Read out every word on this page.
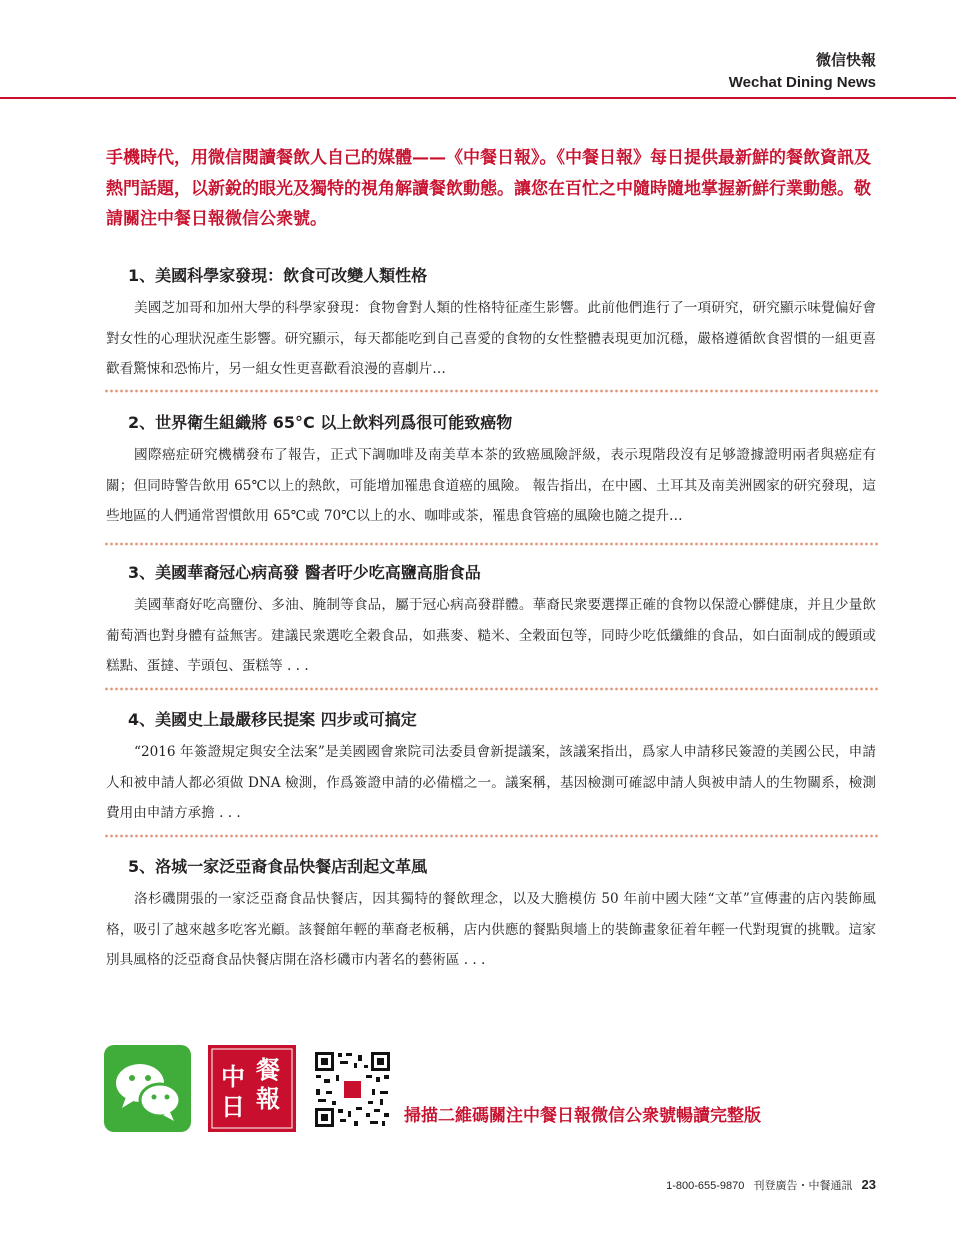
微信快報
Wechat Dining News
手機時代，用微信閱讀餐飲人自己的媒體——《中餐日報》。《中餐日報》每日提供最新鮮的餐飲資訊及熱門話題，以新銳的眼光及獨特的視角解讀餐飲動態。讓您在百忙之中隨時隨地掌握新鮮行業動態。敬請關注中餐日報微信公衆號。
1、美國科學家發現：飲食可改變人類性格

美國芝加哥和加州大學的科學家發現：食物會對人類的性格特征產生影響。此前他們進行了一項研究，研究顯示味覺偏好會對女性的心理狀況產生影響。研究顯示，每天都能吃到自己喜愛的食物的女性整體表現更加沉穩，嚴格遵循飲食習慣的一組更喜歡看驚悚和恐怖片，另一組女性更喜歡看浪漫的喜劇片…

2、世界衛生組織將 65°C 以上飲料列爲很可能致癌物

國際癌症研究機構發布了報告，正式下調咖啡及南美草本茶的致癌風險評級，表示現階段沒有足够證據證明兩者與癌症有關；但同時警告飲用 65℃以上的熱飲，可能增加罹患食道癌的風險。 報告指出，在中國、土耳其及南美洲國家的研究發現，這些地區的人們通常習慣飲用 65℃或 70℃以上的水、咖啡或茶，罹患食管癌的風險也隨之提升…

3、美國華裔冠心病高發 醫者吁少吃高鹽高脂食品

美國華裔好吃高鹽份、多油、腌制等食品，屬于冠心病高發群體。華裔民衆要選擇正確的食物以保證心髒健康，并且少量飲葡萄酒也對身體有益無害。建議民衆選吃全穀食品，如燕麥、糙米、全穀面包等，同時少吃低纖維的食品，如白面制成的饅頭或糕點、蛋撻、芋頭包、蛋糕等 . . .

4、美國史上最嚴移民提案 四步或可搞定

“2016 年簽證規定與安全法案”是美國國會衆院司法委員會新提議案，該議案指出，爲家人申請移民簽證的美國公民，申請人和被申請人都必須做 DNA 檢測，作爲簽證申請的必備檔之一。議案稱，基因檢測可確認申請人與被申請人的生物關系，檢測費用由申請方承擔 . . .

5、洛城一家泛亞裔食品快餐店刮起文革風

洛杉磯開張的一家泛亞裔食品快餐店，因其獨特的餐飲理念，以及大膽模仿 50 年前中國大陸“文革”宣傳畫的店內裝飾風格，吸引了越來越多吃客光顧。該餐館年輕的華裔老板稱，店内供應的餐點與墻上的裝飾畫象征着年輕一代對現實的挑戰。這家別具風格的泛亞裔食品快餐店開在洛杉磯市内著名的藝術區 . . .

中
日
餐
報
掃描二維碼關注中餐日報微信公衆號暢讀完整版
1-800-655-9870 刊登廣告・中餐通訊 23
